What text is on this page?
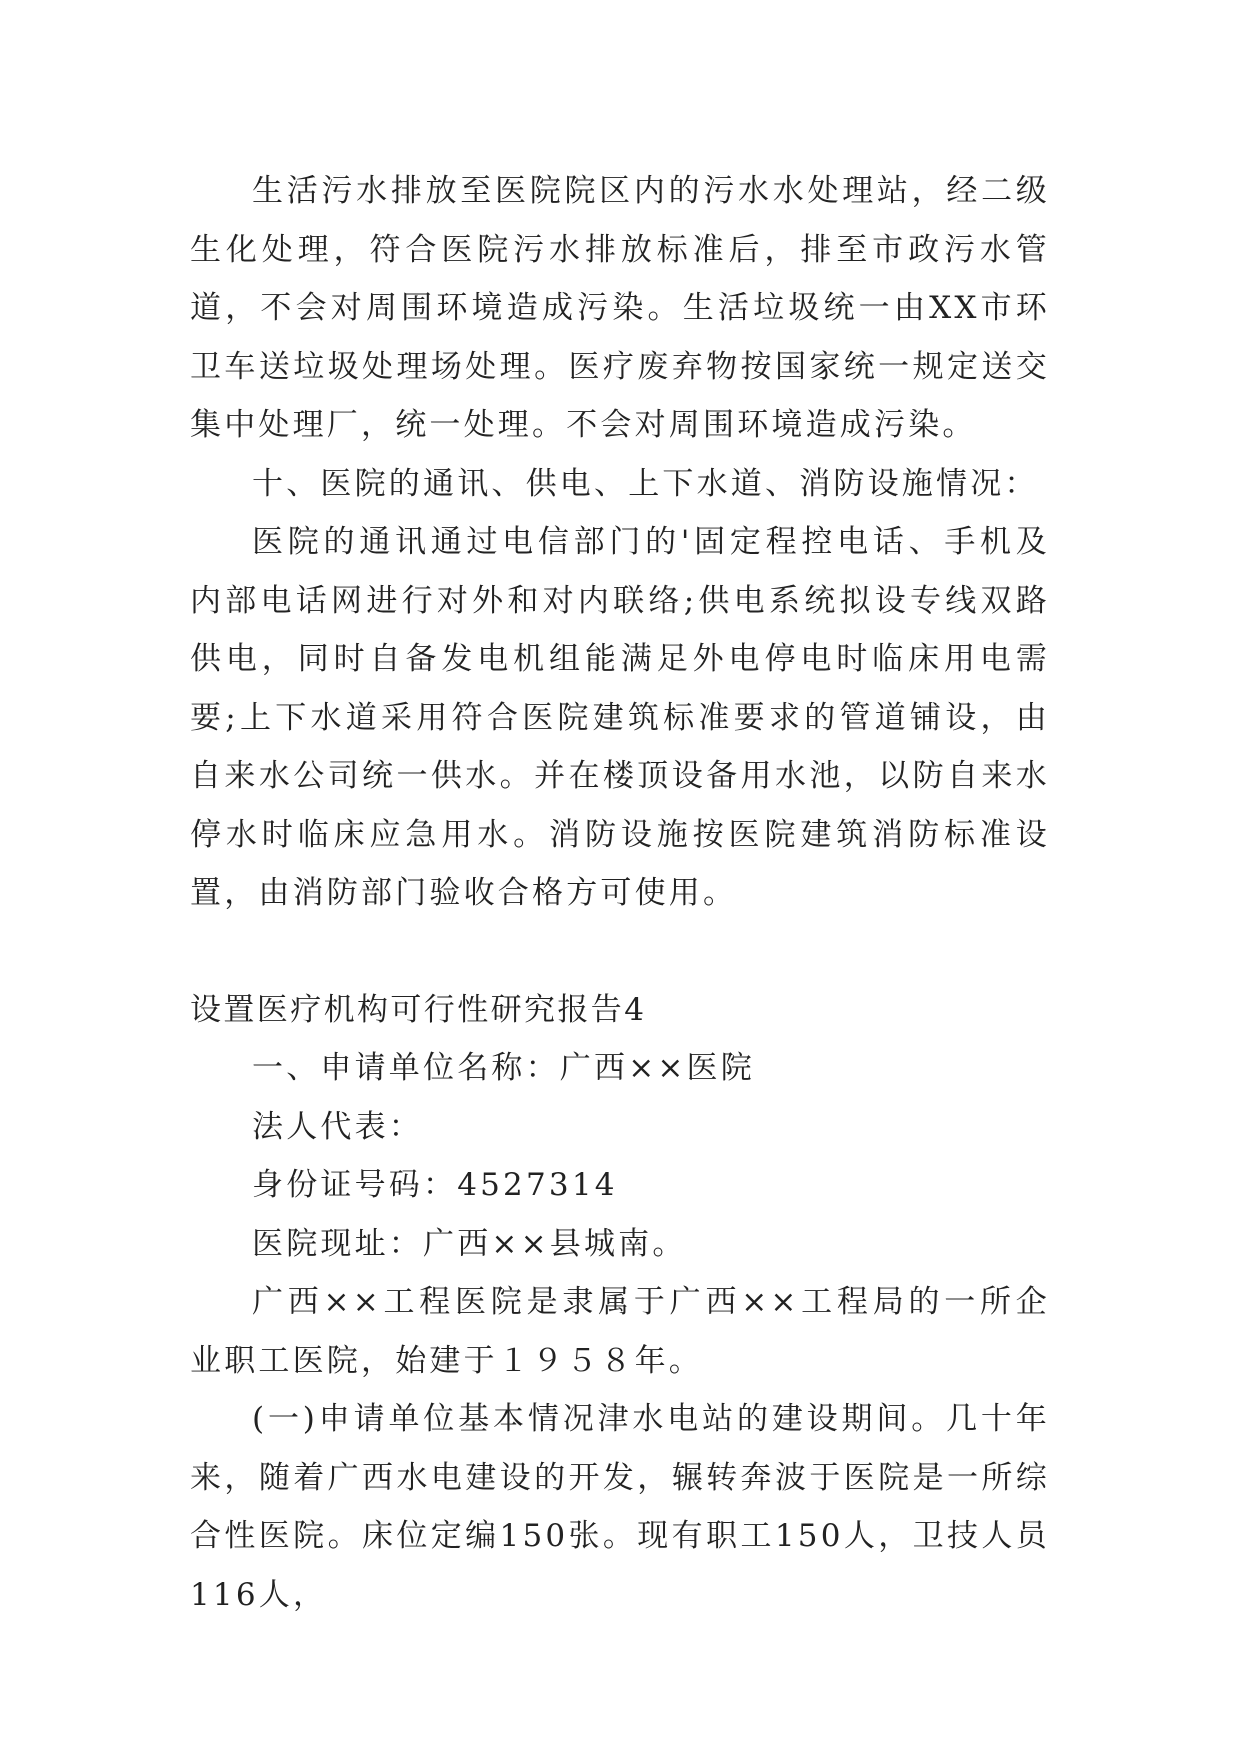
生活污水排放至医院院区内的污水水处理站，经二级生化处理，符合医院污水排放标准后，排至市政污水管道，不会对周围环境造成污染。生活垃圾统一由XX市环卫车送垃圾处理场处理。医疗废弃物按国家统一规定送交集中处理厂，统一处理。不会对周围环境造成污染。

十、医院的通讯、供电、上下水道、消防设施情况：

医院的通讯通过电信部门的'固定程控电话、手机及内部电话网进行对外和对内联络;供电系统拟设专线双路供电，同时自备发电机组能满足外电停电时临床用电需要;上下水道采用符合医院建筑标准要求的管道铺设，由自来水公司统一供水。并在楼顶设备用水池，以防自来水停水时临床应急用水。消防设施按医院建筑消防标准设置，由消防部门验收合格方可使用。

设置医疗机构可行性研究报告4

一、申请单位名称：广西××医院

法人代表：

身份证号码：4527314

医院现址：广西××县城南。

广西××工程医院是隶属于广西××工程局的一所企业职工医院，始建于１９５８年。

(一)申请单位基本情况津水电站的建设期间。几十年来，随着广西水电建设的开发，辗转奔波于医院是一所综合性医院。床位定编150张。现有职工150人，卫技人员116人，
